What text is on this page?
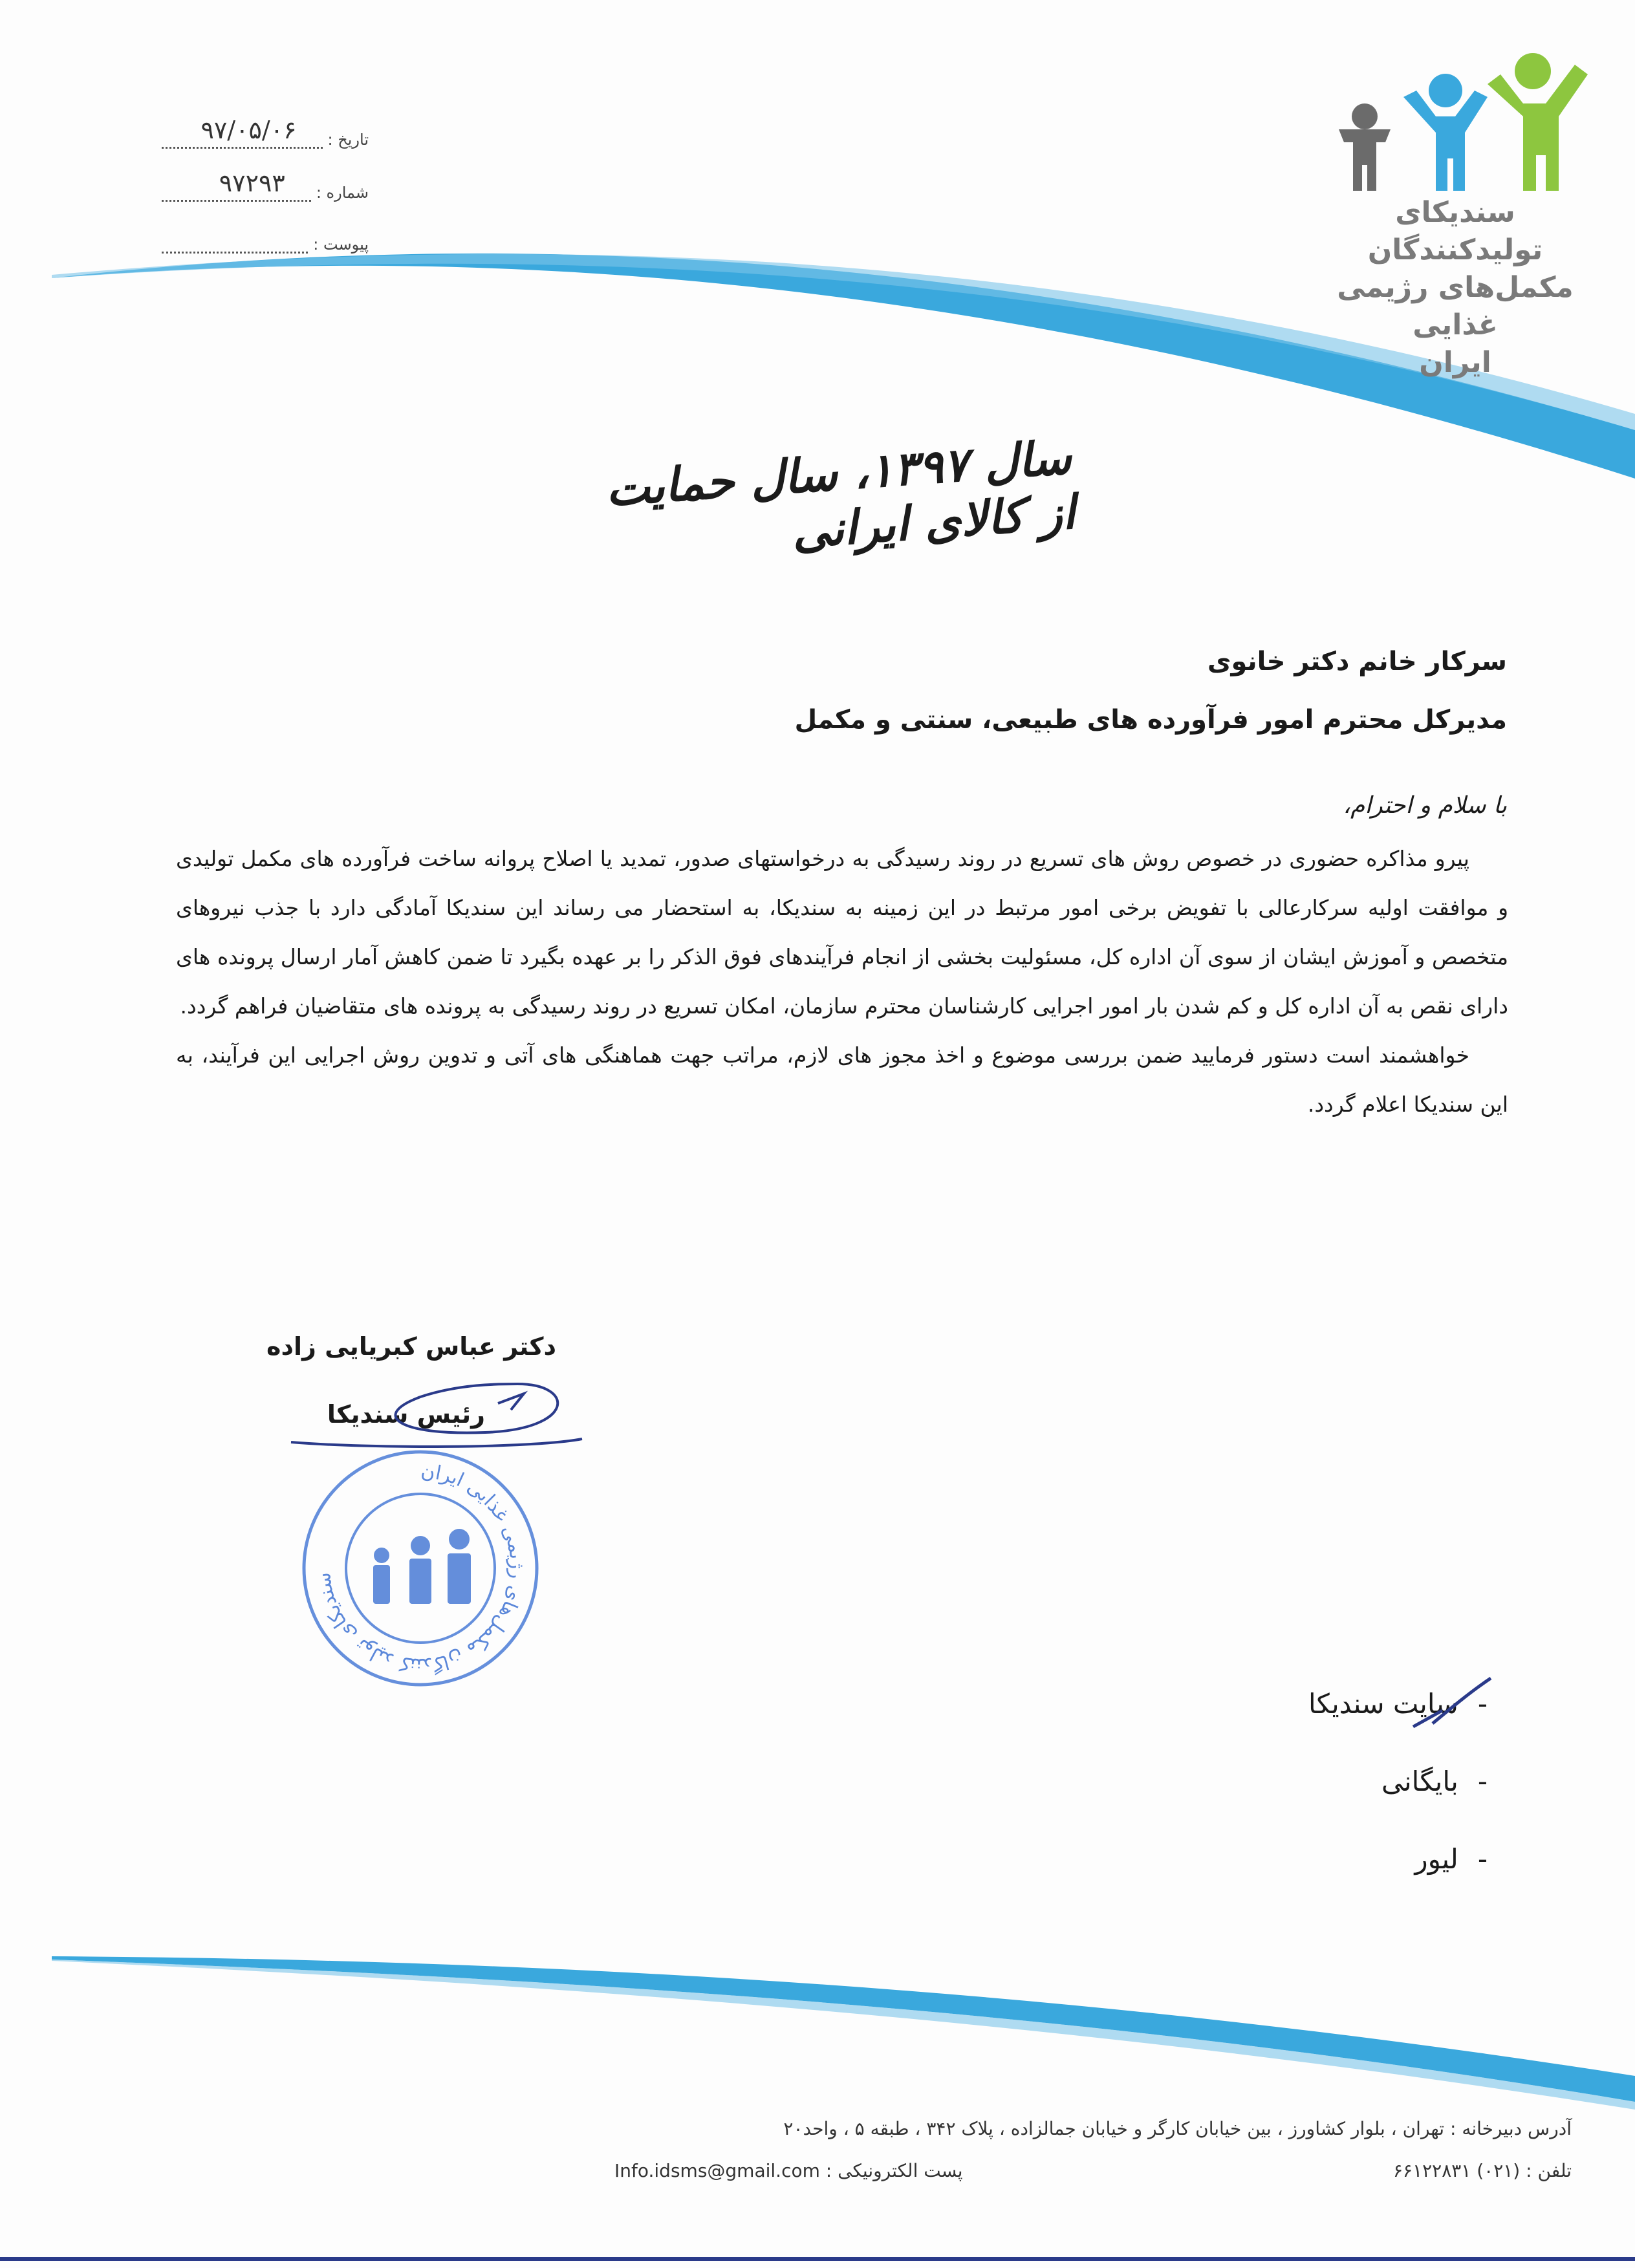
تاریخ :
۹۷/۰۵/۰۶
شماره :
۹۷۲۹۳
پیوست :
سندیکای تولیدکنندگان
مکمل‌های رژیمی غذایی
ایران
سال ۱۳۹۷، سال حمایت از کالای ایرانی
سرکار خانم دکتر خانوی
مدیرکل محترم امور فرآورده های طبیعی، سنتی و مکمل
با سلام و احترام،

پیرو مذاکره حضوری در خصوص روش های تسریع در روند رسیدگی به درخواستهای صدور، تمدید یا اصلاح پروانه ساخت فرآورده های مکمل تولیدی و موافقت اولیه سرکارعالی با تفویض برخی امور مرتبط در این زمینه به سندیکا، به استحضار می رساند این سندیکا آمادگی دارد با جذب نیروهای متخصص و آموزش ایشان از سوی آن اداره کل، مسئولیت بخشی از انجام فرآیندهای فوق الذکر را بر عهده بگیرد تا ضمن کاهش آمار ارسال پرونده های دارای نقص به آن اداره کل و کم شدن بار امور اجرایی کارشناسان محترم سازمان، امکان تسریع در روند رسیدگی به پرونده های متقاضیان فراهم گردد.

خواهشمند است دستور فرمایید ضمن بررسی موضوع و اخذ مجوز های لازم، مراتب جهت هماهنگی های آتی و تدوین روش اجرایی این فرآیند، به این سندیکا اعلام گردد.

دکتر عباس کبریایی زاده
رئیس سندیکا
سندیکای تولید کنندگان مکمل‌های رژیمی غذایی ایران
-
سایت سندیکا
-
بایگانی
-
لیور
آدرس دبیرخانه : تهران ، بلوار کشاورز ، بین خیابان کارگر و خیابان جمالزاده ، پلاک ۳۴۲ ، طبقه ۵ ، واحد۲۰
تلفن : (۰۲۱) ۶۶۱۲۲۸۳۱
پست الکترونیکی : Info.idsms@gmail.com
